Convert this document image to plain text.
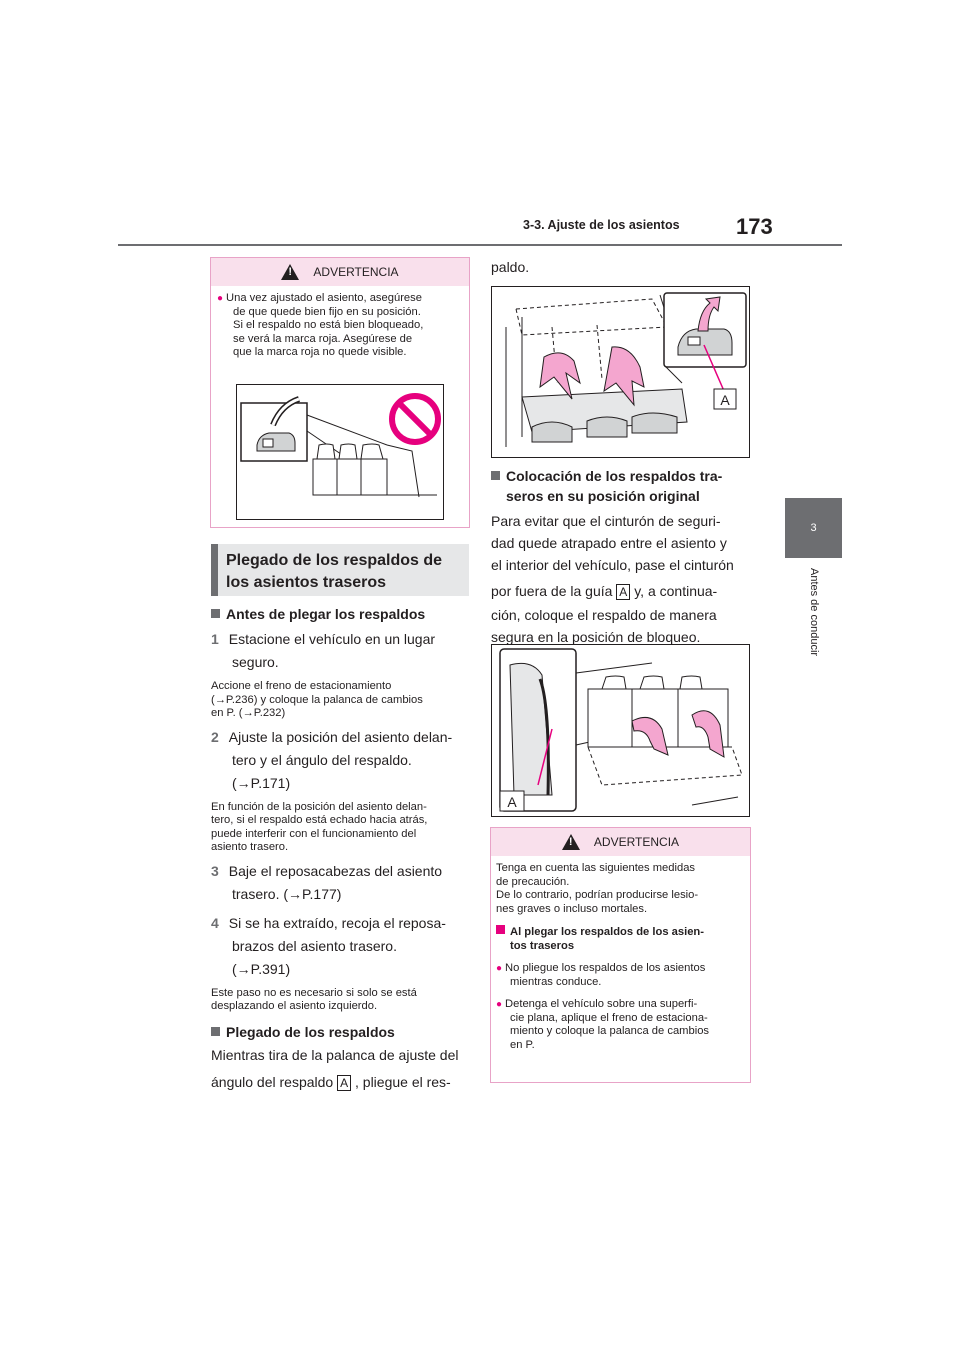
3-3. Ajuste de los asientos	173
3
Antes de conducir
!
ADVERTENCIA
● Una vez ajustado el asiento, asegúrese
de que quede bien fijo en su posición.
Si el respaldo no está bien bloqueado,
se verá la marca roja. Asegúrese de
que la marca roja no quede visible.
Plegado de los respaldos de
los asientos traseros
Antes de plegar los respaldos
1 Estacione el vehículo en un lugar
seguro.
Accione el freno de estacionamiento
(→P.236) y coloque la palanca de cambios
en P. (→P.232)
2 Ajuste la posición del asiento delan-
tero y el ángulo del respaldo.
(→P.171)
En función de la posición del asiento delan-
tero, si el respaldo está echado hacia atrás,
puede interferir con el funcionamiento del
asiento trasero.
3 Baje el reposacabezas del asiento
trasero. (→P.177)
4 Si se ha extraído, recoja el reposa-
brazos del asiento trasero.
(→P.391)
Este paso no es necesario si solo se está
desplazando el asiento izquierdo.
Plegado de los respaldos
Mientras tira de la palanca de ajuste del
ángulo del respaldo A , pliegue el res-
paldo.
A
Colocación de los respaldos tra-
seros en su posición original
Para evitar que el cinturón de seguri-
dad quede atrapado entre el asiento y
el interior del vehículo, pase el cinturón
por fuera de la guía A y, a continua-
ción, coloque el respaldo de manera
segura en la posición de bloqueo.
A
!
ADVERTENCIA
Tenga en cuenta las siguientes medidas
de precaución.
De lo contrario, podrían producirse lesio-
nes graves o incluso mortales.
Al plegar los respaldos de los asien-
tos traseros
● No pliegue los respaldos de los asientos
mientras conduce.
● Detenga el vehículo sobre una superfi-
cie plana, aplique el freno de estaciona-
miento y coloque la palanca de cambios
en P.
